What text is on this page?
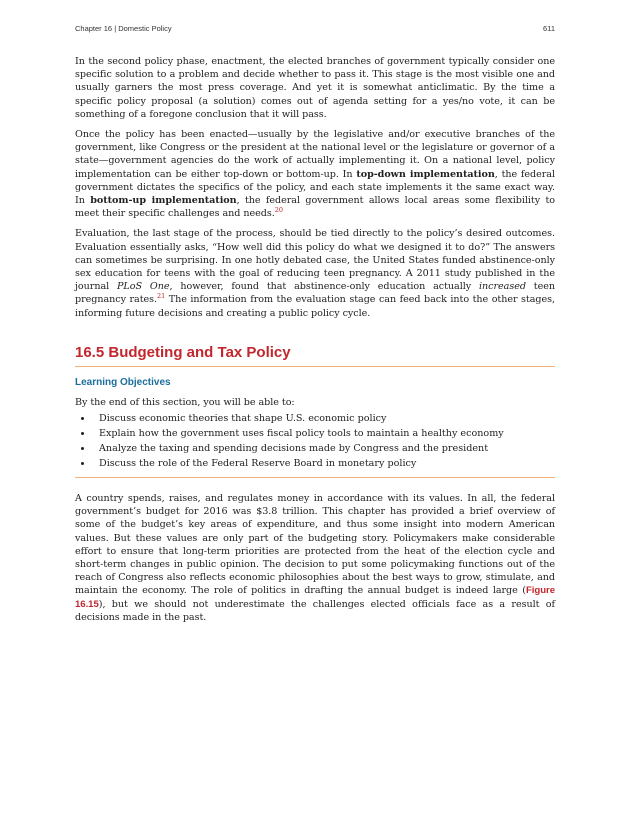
Chapter 16 | Domestic Policy	611

In the second policy phase, enactment, the elected branches of government typically consider one specific solution to a problem and decide whether to pass it. This stage is the most visible one and usually garners the most press coverage. And yet it is somewhat anticlimatic. By the time a specific policy proposal (a solution) comes out of agenda setting for a yes/no vote, it can be something of a foregone conclusion that it will pass.

Once the policy has been enacted—usually by the legislative and/or executive branches of the government, like Congress or the president at the national level or the legislature or governor of a state—government agencies do the work of actually implementing it. On a national level, policy implementation can be either top-down or bottom-up. In top-down implementation, the federal government dictates the specifics of the policy, and each state implements it the same exact way. In bottom-up implementation, the federal government allows local areas some flexibility to meet their specific challenges and needs.$^{20}$

Evaluation, the last stage of the process, should be tied directly to the policy’s desired outcomes. Evaluation essentially asks, “How well did this policy do what we designed it to do?” The answers can sometimes be surprising. In one hotly debated case, the United States funded abstinence-only sex education for teens with the goal of reducing teen pregnancy. A 2011 study published in the journal PLoS One, however, found that abstinence-only education actually increased teen pregnancy rates.$^{21}$ The information from the evaluation stage can feed back into the other stages, informing future decisions and creating a public policy cycle.

16.5 Budgeting and Tax Policy
Learning Objectives

By the end of this section, you will be able to:

• Discuss economic theories that shape U.S. economic policy
• Explain how the government uses fiscal policy tools to maintain a healthy economy
• Analyze the taxing and spending decisions made by Congress and the president
• Discuss the role of the Federal Reserve Board in monetary policy

A country spends, raises, and regulates money in accordance with its values. In all, the federal government’s budget for 2016 was $3.8 trillion. This chapter has provided a brief overview of some of the budget’s key areas of expenditure, and thus some insight into modern American values. But these values are only part of the budgeting story. Policymakers make considerable effort to ensure that long-term priorities are protected from the heat of the election cycle and short-term changes in public opinion. The decision to put some policymaking functions out of the reach of Congress also reflects economic philosophies about the best ways to grow, stimulate, and maintain the economy. The role of politics in drafting the annual budget is indeed large (Figure 16.15), but we should not underestimate the challenges elected officials face as a result of decisions made in the past.
